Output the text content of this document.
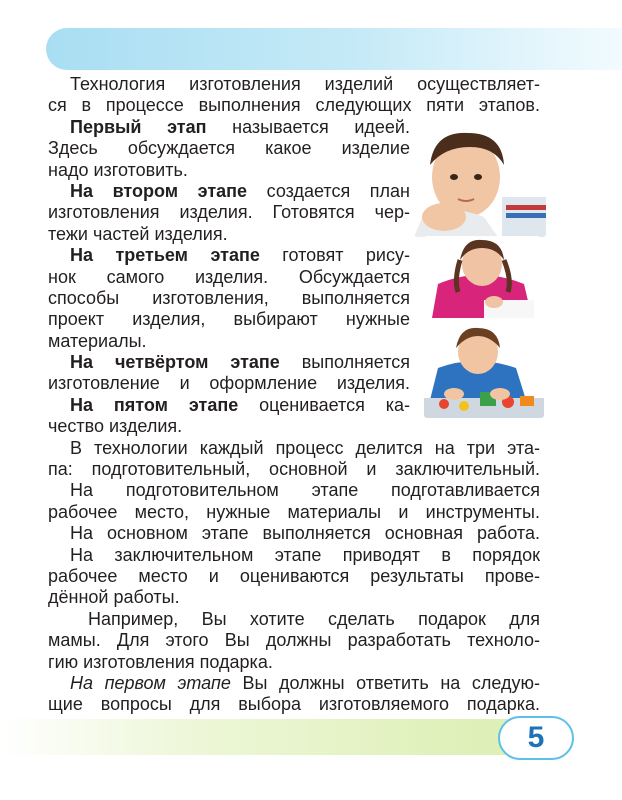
Технология изготовления изделий осуществляет-
ся в процессе выполнения следующих пяти этапов.
Первый этап называется идеей.
Здесь обсуждается какое изделие
надо изготовить.
На втором этапе создается план
изготовления изделия. Готовятся чер-
тежи частей изделия.
На третьем этапе готовят рису-
нок самого изделия. Обсуждается
способы изготовления, выполняется
проект изделия, выбирают нужные
материалы.
На четвёртом этапе выполняется
изготовление и оформление изделия.
На пятом этапе оценивается ка-
чество изделия.
В технологии каждый процесс делится на три эта-
па: подготовительный, основной и заключительный.
На подготовительном этапе подготавливается
рабочее место, нужные материалы и инструменты.
На основном этапе выполняется основная работа.
На заключительном этапе приводят в порядок
рабочее место и оцениваются результаты прове-
дённой работы.
Например, Вы хотите сделать подарок для
мамы. Для этого Вы должны разработать техноло-
гию изготовления подарка.
На первом этапе Вы должны ответить на следую-
щие вопросы для выбора изготовляемого подарка.
5
